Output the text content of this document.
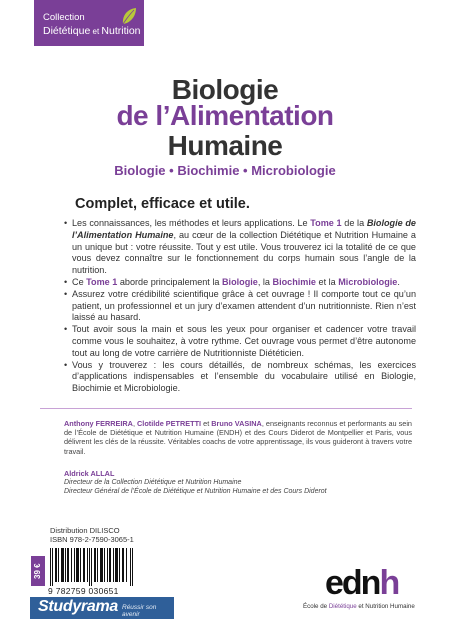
Collection
Diététique et Nutrition
Biologie
de l’Alimentation
Humaine
Biologie • Biochimie • Microbiologie
Complet, efficace et utile.
• Les connaissances, les méthodes et leurs applications. Le Tome 1 de la Biologie de l’Alimentation Humaine, au cœur de la collection Diététique et Nutrition Humaine a un unique but : votre réussite. Tout y est utile. Vous trouverez ici la totalité de ce que vous devez connaître sur le fonctionnement du corps humain sous l’angle de la nutrition.
• Ce Tome 1 aborde principalement la Biologie, la Biochimie et la Microbiologie.
• Assurez votre crédibilité scientifique grâce à cet ouvrage ! Il comporte tout ce qu’un patient, un professionnel et un jury d’examen attendent d’un nutritionniste. Rien n’est laissé au hasard.
• Tout avoir sous la main et sous les yeux pour organiser et cadencer votre travail comme vous le souhaitez, à votre rythme. Cet ouvrage vous permet d’être autonome tout au long de votre carrière de Nutritionniste Diététicien.
• Vous y trouverez : les cours détaillés, de nombreux schémas, les exercices d’applications indispensables et l’ensemble du vocabulaire utilisé en Biologie, Biochimie et Microbiologie.
Anthony FERREIRA, Clotilde PETRETTI et Bruno VASINA, enseignants reconnus et performants au sein de l’École de Diététique et Nutrition Humaine (ENDH) et des Cours Diderot de Montpellier et Paris, vous délivrent les clés de la réussite. Véritables coachs de votre apprentissage, ils vous guideront à travers votre travail.
Aldrick ALLAL
Directeur de la Collection Diététique et Nutrition Humaine
Directeur Général de l’École de Diététique et Nutrition Humaine et des Cours Diderot
Distribution DILISCO
ISBN 978-2-7590-3065-1
39 €
9 782759 030651
Studyrama Réussir son avenir
ednh
École de Diététique et Nutrition Humaine
